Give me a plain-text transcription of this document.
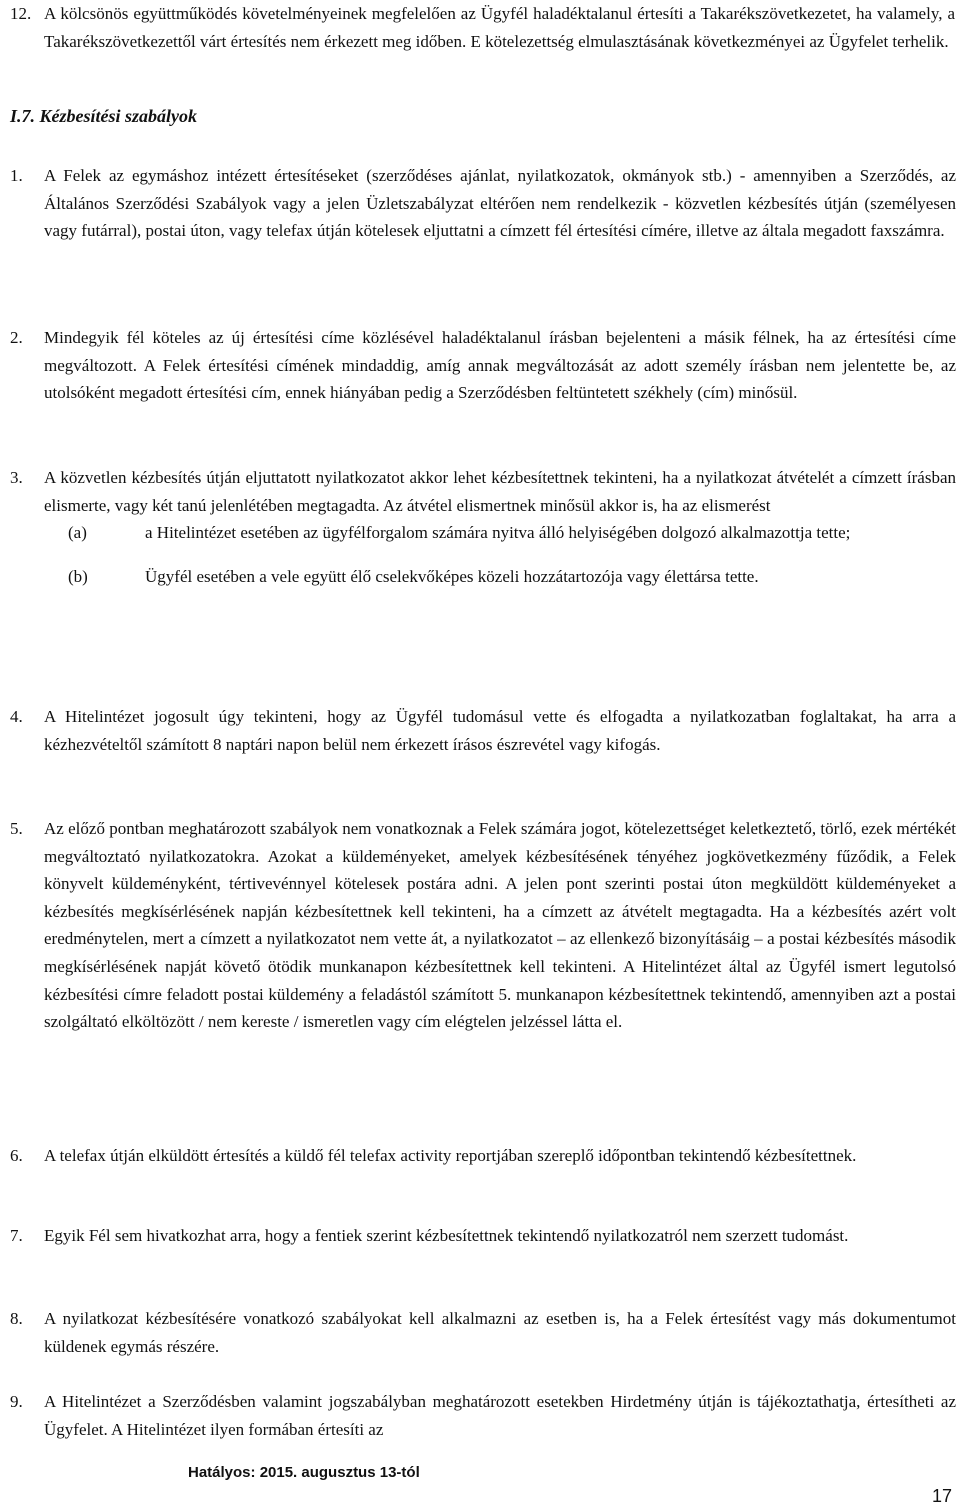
12. A kölcsönös együttműködés követelményeinek megfelelően az Ügyfél haladéktalanul értesíti a Takarékszövetkezetet, ha valamely, a Takarékszövetkezettől várt értesítés nem érkezett meg időben. E kötelezettség elmulasztásának következményei az Ügyfelet terhelik.
I.7. Kézbesítési szabályok
1. A Felek az egymáshoz intézett értesítéseket (szerződéses ajánlat, nyilatkozatok, okmányok stb.) - amennyiben a Szerződés, az Általános Szerződési Szabályok vagy a jelen Üzletszabályzat eltérően nem rendelkezik - közvetlen kézbesítés útján (személyesen vagy futárral), postai úton, vagy telefax útján kötelesek eljuttatni a címzett fél értesítési címére, illetve az általa megadott faxszámra.
2. Mindegyik fél köteles az új értesítési címe közlésével haladéktalanul írásban bejelenteni a másik félnek, ha az értesítési címe megváltozott. A Felek értesítési címének mindaddig, amíg annak megváltozását az adott személy írásban nem jelentette be, az utolsóként megadott értesítési cím, ennek hiányában pedig a Szerződésben feltüntetett székhely (cím) minősül.
3. A közvetlen kézbesítés útján eljuttatott nyilatkozatot akkor lehet kézbesítettnek tekinteni, ha a nyilatkozat átvételét a címzett írásban elismerte, vagy két tanú jelenlétében megtagadta. Az átvétel elismertnek minősül akkor is, ha az elismerést
(a)	a Hitelintézet esetében az ügyfélforgalom számára nyitva álló helyiségében dolgozó alkalmazottja tette;
(b)	Ügyfél esetében a vele együtt élő cselekvőképes közeli hozzátartozója vagy élettársa tette.
4. A Hitelintézet jogosult úgy tekinteni, hogy az Ügyfél tudomásul vette és elfogadta a nyilatkozatban foglaltakat, ha arra a kézhezvételtől számított 8 naptári napon belül nem érkezett írásos észrevétel vagy kifogás.
5. Az előző pontban meghatározott szabályok nem vonatkoznak a Felek számára jogot, kötelezettséget keletkeztető, törlő, ezek mértékét megváltoztató nyilatkozatokra. Azokat a küldeményeket, amelyek kézbesítésének tényéhez jogkövetkezmény fűződik, a Felek könyvelt küldeményként, tértivevénnyel kötelesek postára adni. A jelen pont szerinti postai úton megküldött küldeményeket a kézbesítés megkísérlésének napján kézbesítettnek kell tekinteni, ha a címzett az átvételt megtagadta. Ha a kézbesítés azért volt eredménytelen, mert a címzett a nyilatkozatot nem vette át, a nyilatkozatot – az ellenkező bizonyításáig – a postai kézbesítés második megkísérlésének napját követő ötödik munkanapon kézbesítettnek kell tekinteni. A Hitelintézet által az Ügyfél ismert legutolsó kézbesítési címre feladott postai küldemény a feladástól számított 5. munkanapon kézbesítettnek tekintendő, amennyiben azt a postai szolgáltató elköltözött / nem kereste / ismeretlen vagy cím elégtelen jelzéssel látta el.
6. A telefax útján elküldött értesítés a küldő fél telefax activity reportjában szereplő időpontban tekintendő kézbesítettnek.
7. Egyik Fél sem hivatkozhat arra, hogy a fentiek szerint kézbesítettnek tekintendő nyilatkozatról nem szerzett tudomást.
8. A nyilatkozat kézbesítésére vonatkozó szabályokat kell alkalmazni az esetben is, ha a Felek értesítést vagy más dokumentumot küldenek egymás részére.
9. A Hitelintézet a Szerződésben valamint jogszabályban meghatározott esetekben Hirdetmény útján is tájékoztathatja, értesítheti az Ügyfelet. A Hitelintézet ilyen formában értesíti az
Hatályos: 2015. augusztus 13-tól
17
